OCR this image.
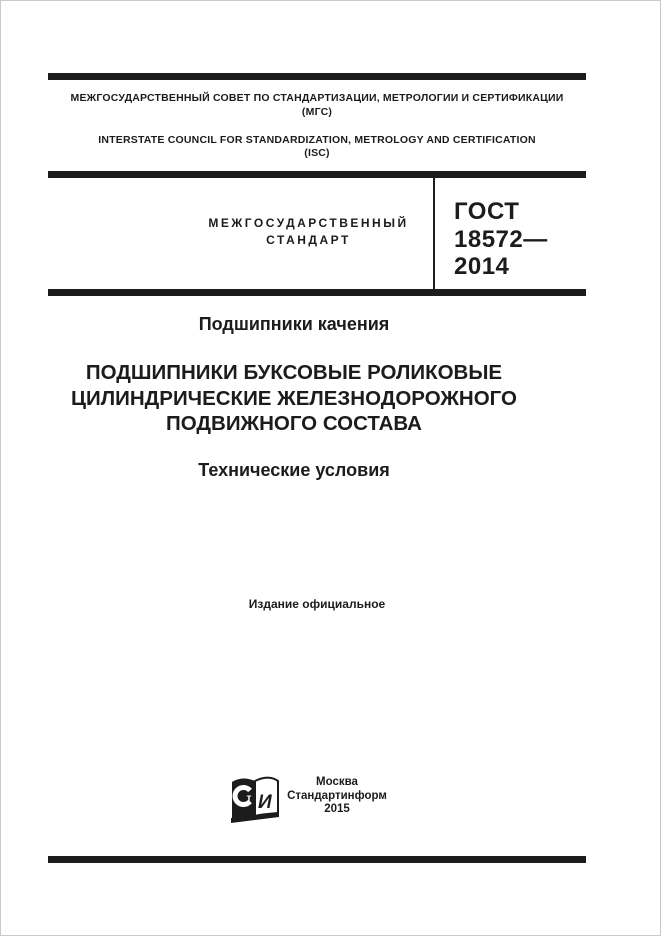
МЕЖГОСУДАРСТВЕННЫЙ СОВЕТ ПО СТАНДАРТИЗАЦИИ, МЕТРОЛОГИИ И СЕРТИФИКАЦИИ
(МГС)
INTERSTATE COUNCIL FOR STANDARDIZATION, METROLOGY AND CERTIFICATION
(ISC)
МЕЖГОСУДАРСТВЕННЫЙ
СТАНДАРТ
ГОСТ
18572—
2014
Подшипники качения
ПОДШИПНИКИ БУКСОВЫЕ РОЛИКОВЫЕ
ЦИЛИНДРИЧЕСКИЕ ЖЕЛЕЗНОДОРОЖНОГО
ПОДВИЖНОГО СОСТАВА
Технические условия
Издание официальное
т И
Москва
Стандартинформ
2015
